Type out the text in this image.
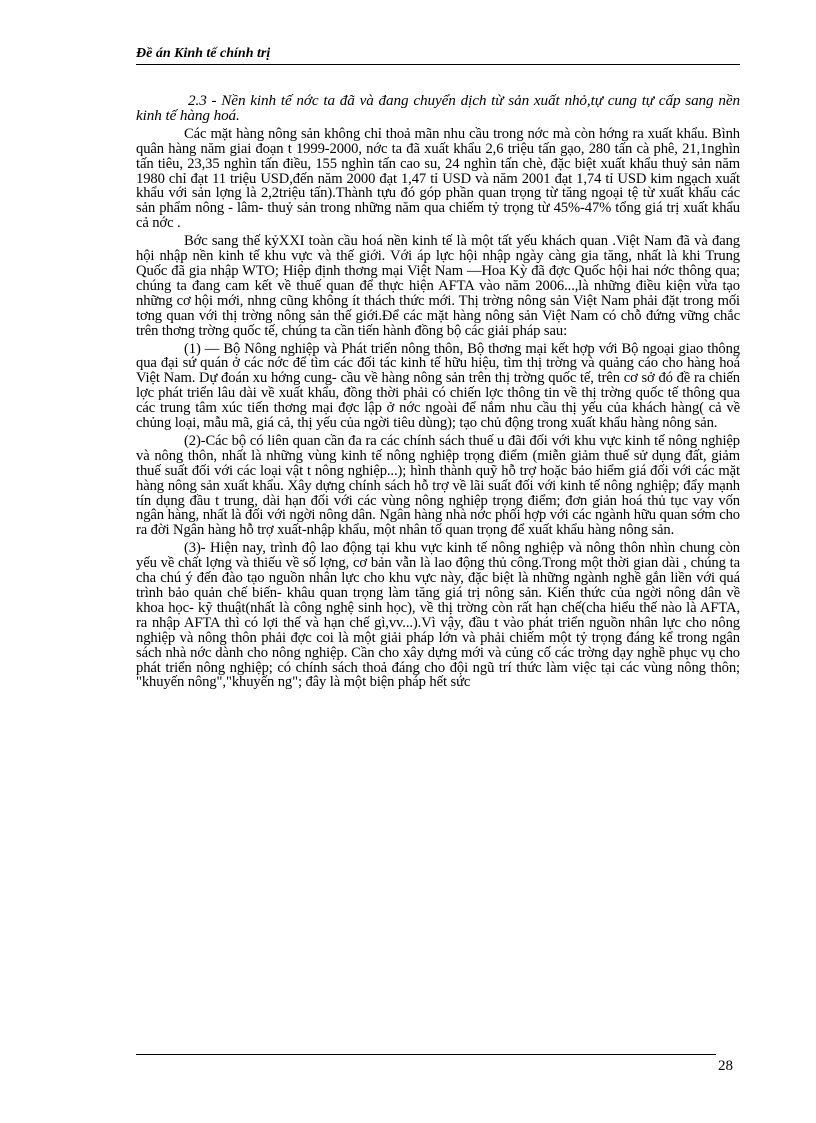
Đề án Kinh tế chính trị

2.3 - Nền kinh tế nớc ta đã và đang chuyển dịch từ sản xuất nhỏ,tự cung tự cấp sang nền kinh tế hàng hoá.

Các mặt hàng nông sản không chỉ thoả mãn nhu cầu trong nớc mà còn hớng ra xuất khẩu. Bình quân hàng năm giai đoạn t 1999-2000, nớc ta đã xuất khẩu 2,6 triệu tấn gạo, 280 tấn cà phê, 21,1nghìn tấn tiêu, 23,35 nghìn tấn điều, 155 nghìn tấn cao su, 24 nghìn tấn chè, đặc biệt xuất khẩu thuỷ sản năm 1980 chỉ đạt 11 triệu USD,đến năm 2000 đạt 1,47 tỉ USD và năm 2001 đạt 1,74 tỉ USD kim ngạch xuất khẩu với sản lợng là 2,2triệu tấn).Thành tựu đó góp phần quan trọng từ tăng ngoại tệ từ xuất khẩu các sản phẩm nông - lâm- thuỷ sản trong những năm qua chiếm tỷ trọng từ 45%-47% tổng giá trị xuất khẩu cả nớc .

Bớc sang thế kỷXXI toàn cầu hoá nền kinh tế là một tất yếu khách quan .Việt Nam đã và đang hội nhập nền kinh tế khu vực và thế giới. Với áp lực hội nhập ngày càng gia tăng, nhất là khi Trung Quốc đã gia nhập WTO; Hiệp định thơng mại Việt Nam —Hoa Kỳ đã đợc Quốc hội hai nớc thông qua; chúng ta đang cam kết về thuế quan để thực hiện AFTA vào năm 2006...,là những điều kiện vừa tạo những cơ hội mới, nhng cũng không ít thách thức mới. Thị trờng nông sản Việt Nam phải đặt trong mối tơng quan với thị trờng nông sản thế giới.Để các mặt hàng nông sản Việt Nam có chỗ đứng vững chắc trên thơng trờng quốc tế, chúng ta cần tiến hành đồng bộ các giải pháp sau:

(1) — Bộ Nông nghiệp và Phát triển nông thôn, Bộ thơng mại kết hợp với Bộ ngoại giao thông qua đại sứ quán ở các nớc để tìm các đối tác kinh tế hữu hiệu, tìm thị trờng và quảng cáo cho hàng hoá Việt Nam. Dự đoán xu hớng cung- cầu về hàng nông sản trên thị trờng quốc tế, trên cơ sở đó đề ra chiến lợc phát triển lâu dài về xuất khẩu, đồng thời phải có chiến lợc thông tin về thị trờng quốc tế thông qua các trung tâm xúc tiến thơng mại đợc lập ở nớc ngoài để nắm nhu cầu thị yếu của khách hàng( cả về chủng loại, mẫu mã, giá cả, thị yếu của ngời tiêu dùng); tạo chủ động trong xuất khẩu hàng nông sản.

(2)-Các bộ có liên quan cần đa ra các chính sách thuế u đãi đối với khu vực kinh tế nông nghiệp và nông thôn, nhất là những vùng kinh tế nông nghiệp trọng điểm (miễn giảm thuế sử dụng đất, giảm thuế suất đối với các loại vật t nông nghiệp...); hình thành quỹ hỗ trợ hoặc bảo hiểm giá đối với các mặt hàng nông sản xuất khẩu. Xây dựng chính sách hỗ trợ về lãi suất đối với kinh tế nông nghiệp; đẩy mạnh tín dụng đầu t trung, dài hạn đối với các vùng nông nghiệp trọng điểm; đơn giản hoá thủ tục vay vốn ngân hàng, nhất là đối với ngời nông dân. Ngân hàng nhà nớc phối hợp với các ngành hữu quan sớm cho ra đời Ngân hàng hỗ trợ xuất-nhập khẩu, một nhân tố quan trọng để xuất khẩu hàng nông sản.

(3)- Hiện nay, trình độ lao động tại khu vực kinh tế nông nghiệp và nông thôn nhìn chung còn yếu về chất lợng và thiếu về số lợng, cơ bản vẫn là lao động thủ công.Trong một thời gian dài , chúng ta cha chú ý đến đào tạo nguồn nhân lực cho khu vực này, đặc biệt là những ngành nghề gắn liền với quá trình bảo quản chế biến- khâu quan trọng làm tăng giá trị nông sản. Kiến thức của ngời nông dân về khoa học- kỹ thuật(nhất là công nghệ sinh học), về thị trờng còn rất hạn chế(cha hiểu thế nào là AFTA, ra nhập AFTA thì có lợi thế và hạn chế gì,vv...).Vì vậy, đầu t vào phát triển nguồn nhân lực cho nông nghiệp và nông thôn phải đợc coi là một giải pháp lớn và phải chiếm một tỷ trọng đáng kể trong ngân sách nhà nớc dành cho nông nghiệp. Cần cho xây dựng mới và củng cố các trờng dạy nghề phục vụ cho phát triển nông nghiệp; có chính sách thoả đáng cho đội ngũ trí thức làm việc tại các vùng nông thôn; "khuyến nông","khuyến ng"; đây là một biện pháp hết sức

28
